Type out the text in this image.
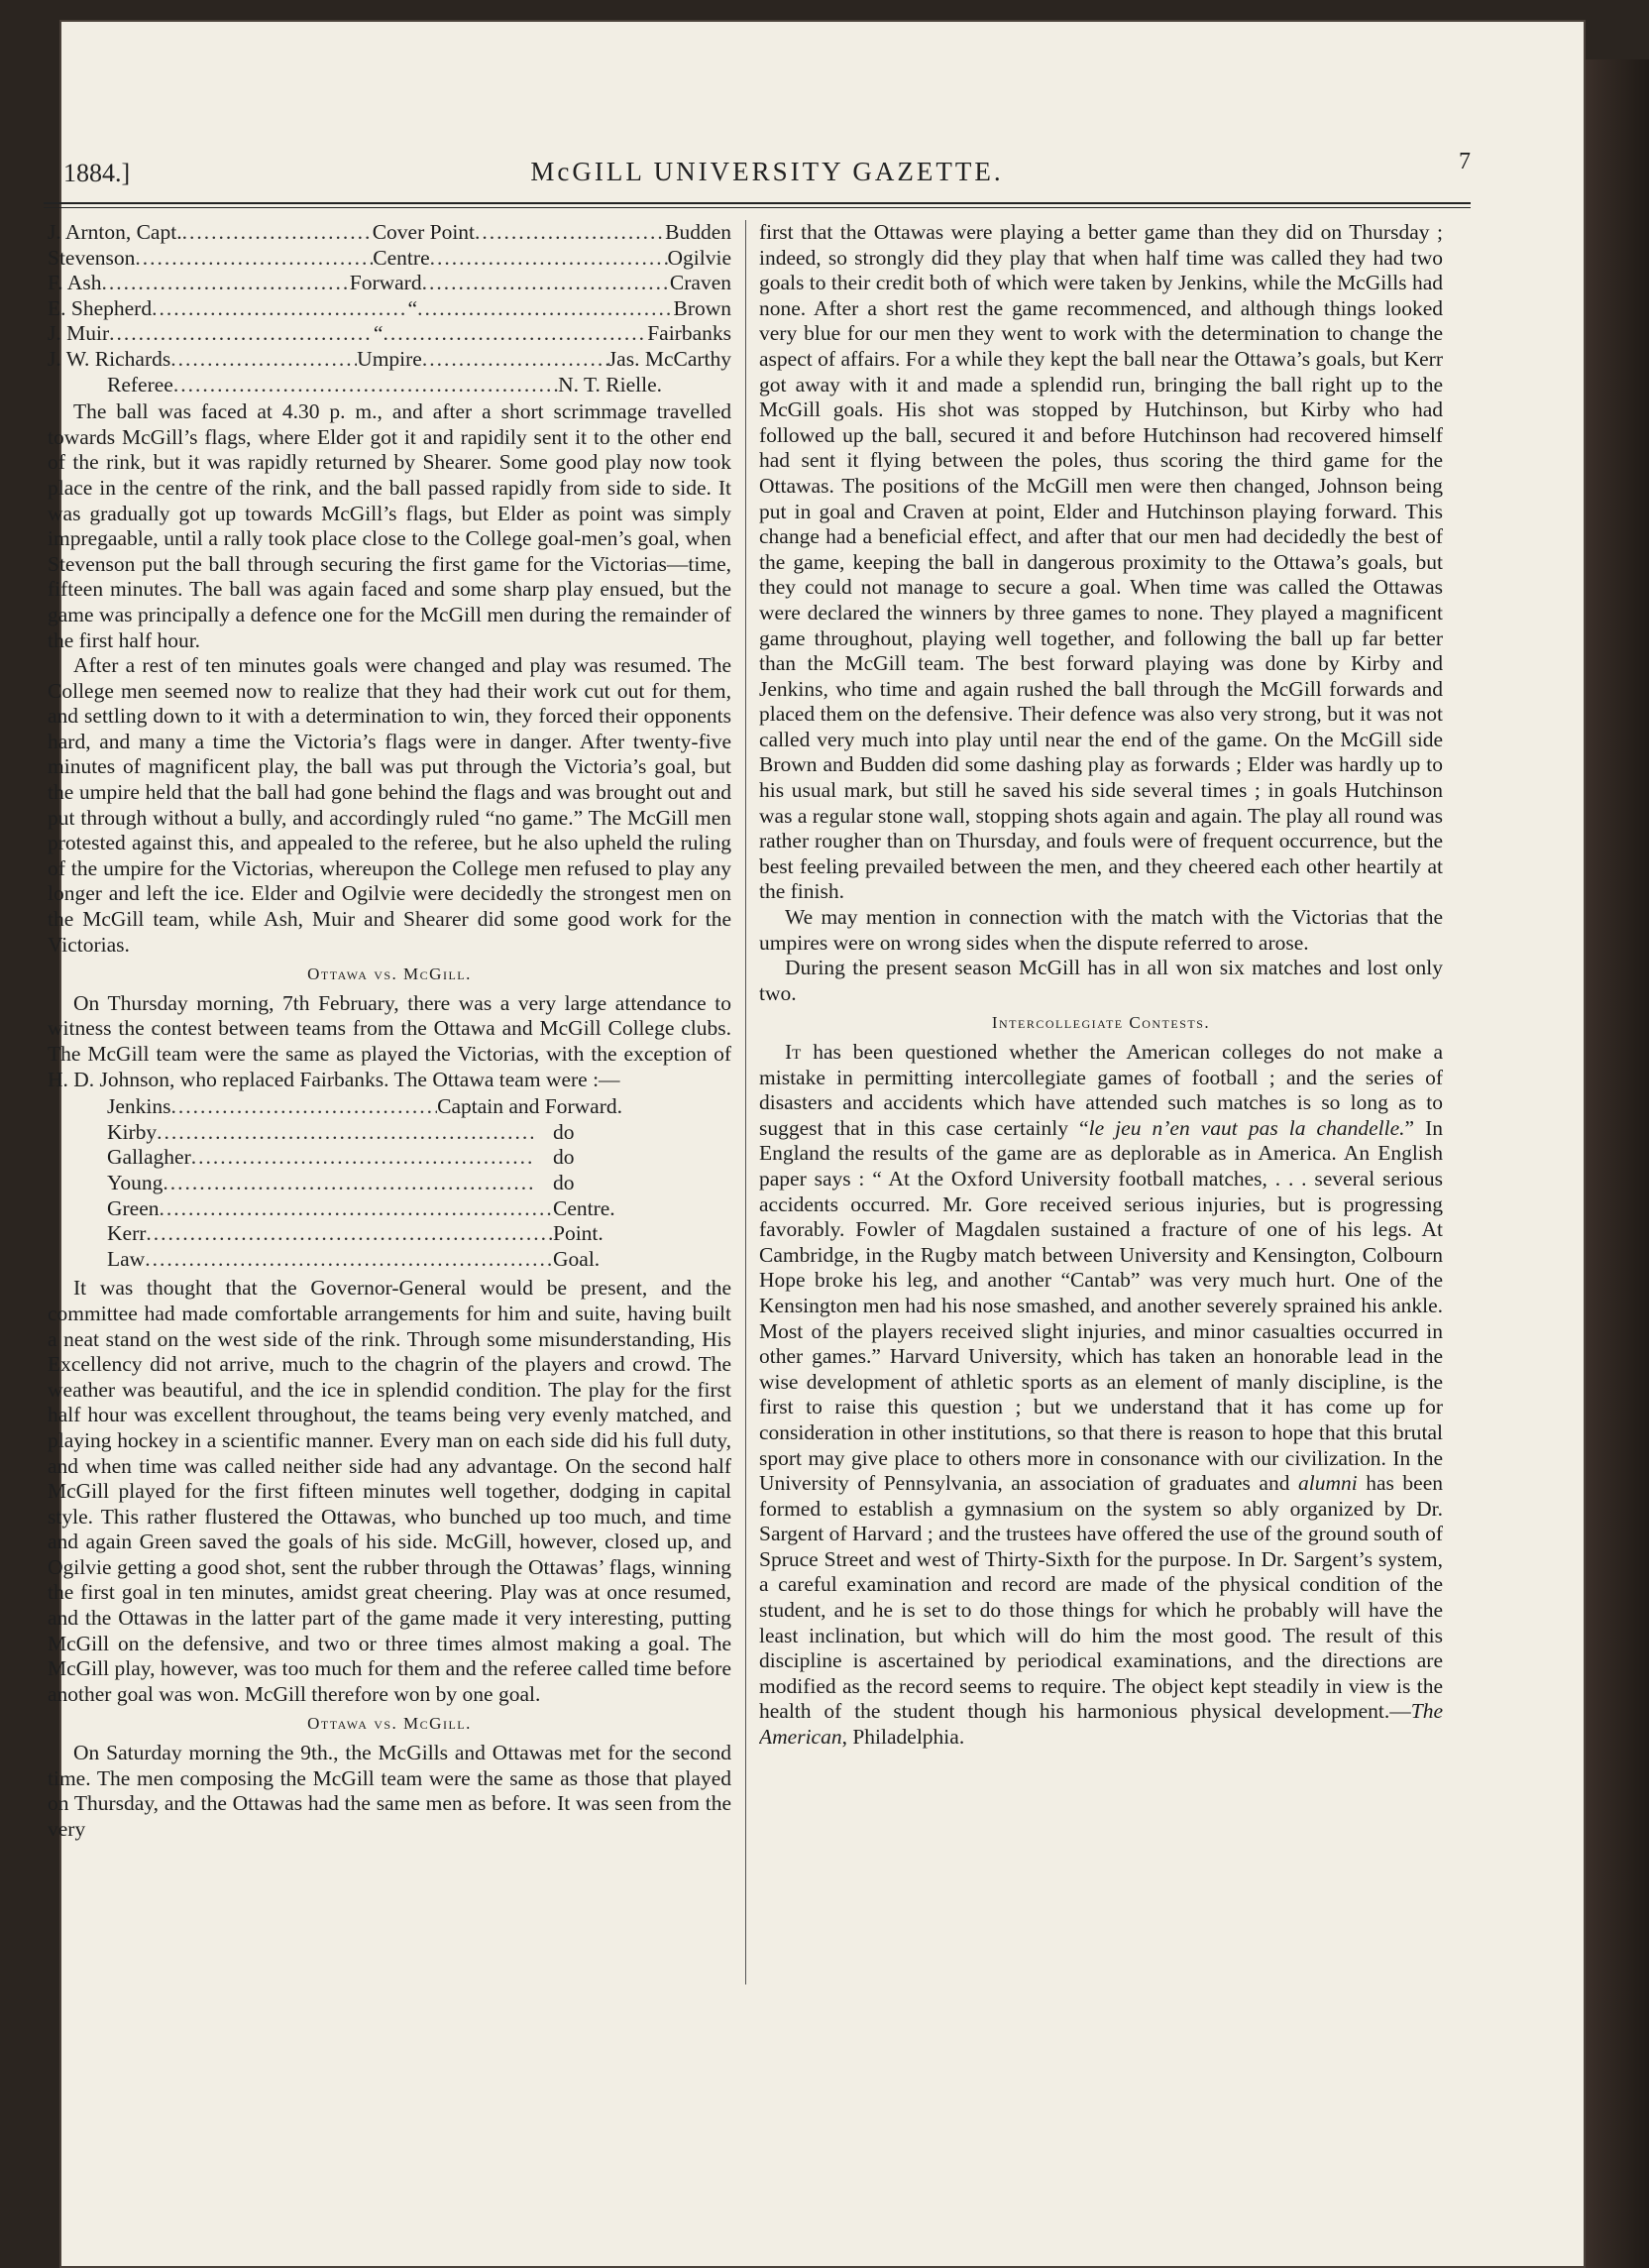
1884.]	McGILL UNIVERSITY GAZETTE.	7
J. Arnton, Capt. .....	Cover Point .....	Budden
Stevenson .....	Centre .....	Ogilvie
F. Ash .....	Forward .....	Craven
E. Shepherd .....	“ .....	Brown
J. Muir .....	“ .....	Fairbanks
J. W. Richards .....	Umpire .....	Jas. McCarthy
Referee .....	N. T. Rielle.

The ball was faced at 4.30 p. m., and after a short scrimmage travelled towards McGill’s flags, where Elder got it and rapidily sent it to the other end of the rink, but it was rapidly returned by Shearer. Some good play now took place in the centre of the rink, and the ball passed rapidly from side to side. It was gradually got up towards McGill’s flags, but Elder as point was simply impregaable, until a rally took place close to the College goal-men’s goal, when Stevenson put the ball through securing the first game for the Victorias—time, fifteen minutes. The ball was again faced and some sharp play ensued, but the game was principally a defence one for the McGill men during the remainder of the first half hour.

After a rest of ten minutes goals were changed and play was resumed. The College men seemed now to realize that they had their work cut out for them, and settling down to it with a determination to win, they forced their opponents hard, and many a time the Victoria’s flags were in danger. After twenty-five minutes of magnificent play, the ball was put through the Victoria’s goal, but the umpire held that the ball had gone behind the flags and was brought out and put through without a bully, and accordingly ruled “no game.” The McGill men protested against this, and appealed to the referee, but he also upheld the ruling of the umpire for the Victorias, whereupon the College men refused to play any longer and left the ice. Elder and Ogilvie were decidedly the strongest men on the McGill team, while Ash, Muir and Shearer did some good work for the Victorias.

Ottawa vs. McGill.

On Thursday morning, 7th February, there was a very large attendance to witness the contest between teams from the Ottawa and McGill College clubs. The McGill team were the same as played the Victorias, with the exception of H. D. Johnson, who replaced Fairbanks. The Ottawa team were :—

Jenkins .....	Captain and Forward.
Kirby .....	do
Gallagher .....	do
Young .....	do
Green .....	Centre.
Kerr .....	Point.
Law .....	Goal.

It was thought that the Governor-General would be present, and the committee had made comfortable arrangements for him and suite, having built a neat stand on the west side of the rink. Through some misunderstanding, His Excellency did not arrive, much to the chagrin of the players and crowd. The weather was beautiful, and the ice in splendid condition. The play for the first half hour was excellent throughout, the teams being very evenly matched, and playing hockey in a scientific manner. Every man on each side did his full duty, and when time was called neither side had any advantage. On the second half McGill played for the first fifteen minutes well together, dodging in capital style. This rather flustered the Ottawas, who bunched up too much, and time and again Green saved the goals of his side. McGill, however, closed up, and Ogilvie getting a good shot, sent the rubber through the Ottawas’ flags, winning the first goal in ten minutes, amidst great cheering. Play was at once resumed, and the Ottawas in the latter part of the game made it very interesting, putting McGill on the defensive, and two or three times almost making a goal. The McGill play, however, was too much for them and the referee called time before another goal was won. McGill therefore won by one goal.

Ottawa vs. McGill.

On Saturday morning the 9th., the McGills and Ottawas met for the second time. The men composing the McGill team were the same as those that played on Thursday, and the Ottawas had the same men as before. It was seen from the very

first that the Ottawas were playing a better game than they did on Thursday ; indeed, so strongly did they play that when half time was called they had two goals to their credit both of which were taken by Jenkins, while the McGills had none. After a short rest the game recommenced, and although things looked very blue for our men they went to work with the determination to change the aspect of affairs. For a while they kept the ball near the Ottawa’s goals, but Kerr got away with it and made a splendid run, bringing the ball right up to the McGill goals. His shot was stopped by Hutchinson, but Kirby who had followed up the ball, secured it and before Hutchinson had recovered himself had sent it flying between the poles, thus scoring the third game for the Ottawas. The positions of the McGill men were then changed, Johnson being put in goal and Craven at point, Elder and Hutchinson playing forward. This change had a beneficial effect, and after that our men had decidedly the best of the game, keeping the ball in dangerous proximity to the Ottawa’s goals, but they could not manage to secure a goal. When time was called the Ottawas were declared the winners by three games to none. They played a magnificent game throughout, playing well together, and following the ball up far better than the McGill team. The best forward playing was done by Kirby and Jenkins, who time and again rushed the ball through the McGill forwards and placed them on the defensive. Their defence was also very strong, but it was not called very much into play until near the end of the game. On the McGill side Brown and Budden did some dashing play as forwards ; Elder was hardly up to his usual mark, but still he saved his side several times ; in goals Hutchinson was a regular stone wall, stopping shots again and again. The play all round was rather rougher than on Thursday, and fouls were of frequent occurrence, but the best feeling prevailed between the men, and they cheered each other heartily at the finish.

We may mention in connection with the match with the Victorias that the umpires were on wrong sides when the dispute referred to arose.

During the present season McGill has in all won six matches and lost only two.

Intercollegiate Contests.

It has been questioned whether the American colleges do not make a mistake in permitting intercollegiate games of football ; and the series of disasters and accidents which have attended such matches is so long as to suggest that in this case certainly “le jeu n’en vaut pas la chandelle.” In England the results of the game are as deplorable as in America. An English paper says : “ At the Oxford University football matches, . . . several serious accidents occurred. Mr. Gore received serious injuries, but is progressing favorably. Fowler of Magdalen sustained a fracture of one of his legs. At Cambridge, in the Rugby match between University and Kensington, Colbourn Hope broke his leg, and another “Cantab” was very much hurt. One of the Kensington men had his nose smashed, and another severely sprained his ankle. Most of the players received slight injuries, and minor casualties occurred in other games.” Harvard University, which has taken an honorable lead in the wise development of athletic sports as an element of manly discipline, is the first to raise this question ; but we understand that it has come up for consideration in other institutions, so that there is reason to hope that this brutal sport may give place to others more in consonance with our civilization. In the University of Pennsylvania, an association of graduates and alumni has been formed to establish a gymnasium on the system so ably organized by Dr. Sargent of Harvard ; and the trustees have offered the use of the ground south of Spruce Street and west of Thirty-Sixth for the purpose. In Dr. Sargent’s system, a careful examination and record are made of the physical condition of the student, and he is set to do those things for which he probably will have the least inclination, but which will do him the most good. The result of this discipline is ascertained by periodical examinations, and the directions are modified as the record seems to require. The object kept steadily in view is the health of the student though his harmonious physical development.—The American, Philadelphia.
